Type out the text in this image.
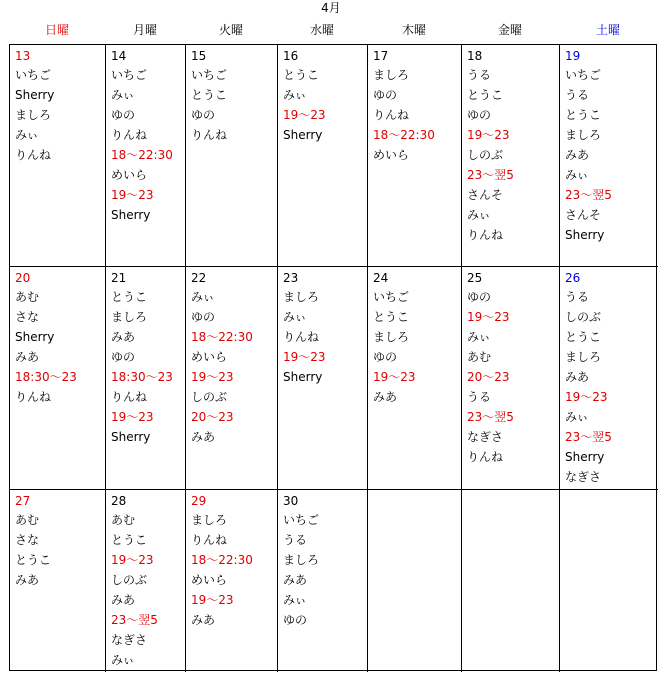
4月
日曜	月曜	火曜	水曜	木曜	金曜	土曜
13
いちご
Sherry
ましろ
みぃ
りんね
14
いちご
みぃ
ゆの
りんね
18～22:30
めいら
19～23
Sherry
15
いちご
とうこ
ゆの
りんね
16
とうこ
みぃ
19～23
Sherry
17
ましろ
ゆの
りんね
18～22:30
めいら
18
うる
とうこ
ゆの
19～23
しのぶ
23～翌5
さんそ
みぃ
りんね
19
いちご
うる
とうこ
ましろ
みあ
みぃ
23～翌5
さんそ
Sherry
20
あむ
さな
Sherry
みあ
18:30～23
りんね
21
とうこ
ましろ
みあ
ゆの
18:30～23
りんね
19～23
Sherry
22
みぃ
ゆの
18～22:30
めいら
19～23
しのぶ
20～23
みあ
23
ましろ
みぃ
りんね
19～23
Sherry
24
いちご
とうこ
ましろ
ゆの
19～23
みあ
25
ゆの
19～23
みぃ
あむ
20～23
うる
23～翌5
なぎさ
りんね
26
うる
しのぶ
とうこ
ましろ
みあ
19～23
みぃ
23～翌5
Sherry
なぎさ
27
あむ
さな
とうこ
みあ
28
あむ
とうこ
19～23
しのぶ
みあ
23～翌5
なぎさ
みぃ
29
ましろ
りんね
18～22:30
めいら
19～23
みあ
30
いちご
うる
ましろ
みあ
みぃ
ゆの
